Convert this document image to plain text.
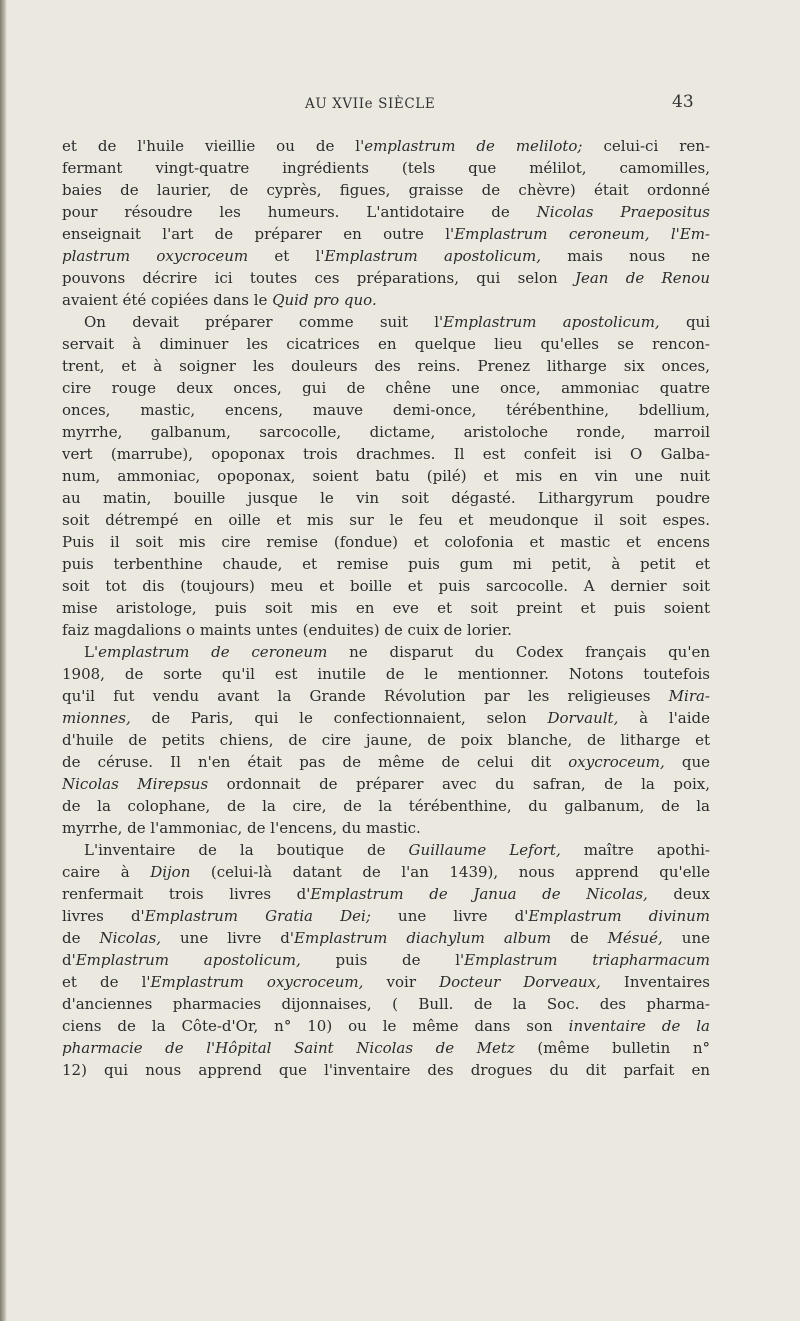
AU XVIIe SIÈCLE	43
et de l'huile vieillie ou de l'emplastrum de meliloto; celui-ci ren-
fermant vingt-quatre ingrédients (tels que mélilot, camomilles,
baies de laurier, de cyprès, figues, graisse de chèvre) était ordonné
pour résoudre les humeurs. L'antidotaire de Nicolas Praepositus
enseignait l'art de préparer en outre l'Emplastrum ceroneum, l'Em-
plastrum oxycroceum et l'Emplastrum apostolicum, mais nous ne
pouvons décrire ici toutes ces préparations, qui selon Jean de Renou
avaient été copiées dans le Quid pro quo.
On devait préparer comme suit l'Emplastrum apostolicum, qui
servait à diminuer les cicatrices en quelque lieu qu'elles se rencon-
trent, et à soigner les douleurs des reins. Prenez litharge six onces,
cire rouge deux onces, gui de chêne une once, ammoniac quatre
onces, mastic, encens, mauve demi-once, térébenthine, bdellium,
myrrhe, galbanum, sarcocolle, dictame, aristoloche ronde, marroil
vert (marrube), opoponax trois drachmes. Il est confeit isi O Galba-
num, ammoniac, opoponax, soient batu (pilé) et mis en vin une nuit
au matin, bouille jusque le vin soit dégasté. Lithargyrum poudre
soit détrempé en oille et mis sur le feu et meudonque il soit espes.
Puis il soit mis cire remise (fondue) et colofonia et mastic et encens
puis terbenthine chaude, et remise puis gum mi petit, à petit et
soit tot dis (toujours) meu et boille et puis sarcocolle. A dernier soit
mise aristologe, puis soit mis en eve et soit preint et puis soient
faiz magdalions o maints untes (enduites) de cuix de lorier.
L'emplastrum de ceroneum ne disparut du Codex français qu'en
1908, de sorte qu'il est inutile de le mentionner. Notons toutefois
qu'il fut vendu avant la Grande Révolution par les religieuses Mira-
mionnes, de Paris, qui le confectionnaient, selon Dorvault, à l'aide
d'huile de petits chiens, de cire jaune, de poix blanche, de litharge et
de céruse. Il n'en était pas de même de celui dit oxycroceum, que
Nicolas Mirepsus ordonnait de préparer avec du safran, de la poix,
de la colophane, de la cire, de la térébenthine, du galbanum, de la
myrrhe, de l'ammoniac, de l'encens, du mastic.
L'inventaire de la boutique de Guillaume Lefort, maître apothi-
caire à Dijon (celui-là datant de l'an 1439), nous apprend qu'elle
renfermait trois livres d'Emplastrum de Janua de Nicolas, deux
livres d'Emplastrum Gratia Dei; une livre d'Emplastrum divinum
de Nicolas, une livre d'Emplastrum diachylum album de Mésué, une
d'Emplastrum apostolicum, puis de l'Emplastrum triapharmacum
et de l'Emplastrum oxycroceum, voir Docteur Dorveaux, Inventaires
d'anciennes pharmacies dijonnaises, ( Bull. de la Soc. des pharma-
ciens de la Côte-d'Or, n° 10) ou le même dans son inventaire de la
pharmacie de l'Hôpital Saint Nicolas de Metz (même bulletin n°
12) qui nous apprend que l'inventaire des drogues du dit parfait en
